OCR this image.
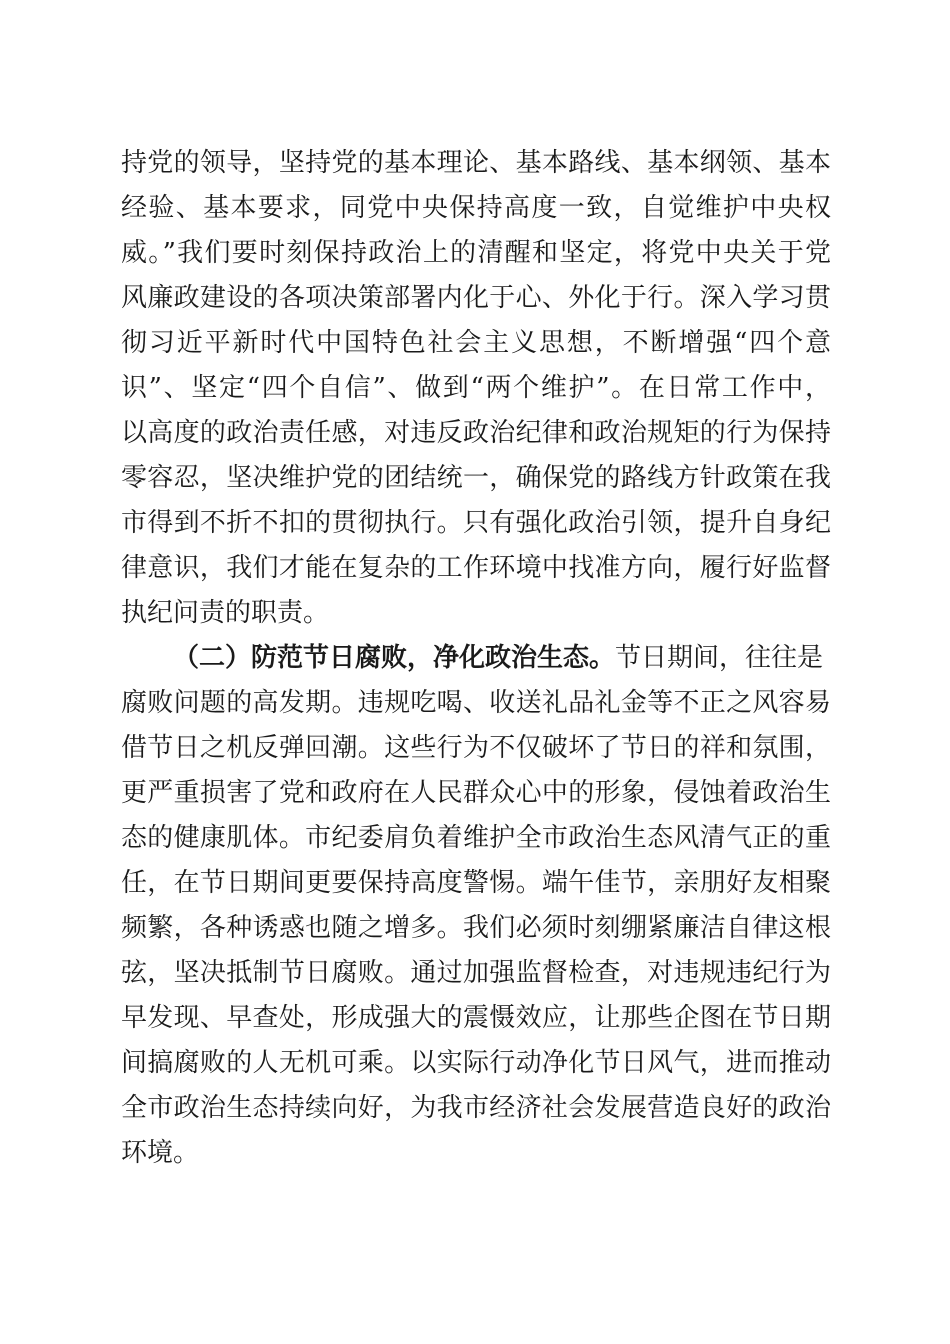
持党的领导，坚持党的基本理论、基本路线、基本纲领、基本
经验、基本要求，同党中央保持高度一致，自觉维护中央权
威。”我们要时刻保持政治上的清醒和坚定，将党中央关于党
风廉政建设的各项决策部署内化于心、外化于行。深入学习贯
彻习近平新时代中国特色社会主义思想，不断增强“四个意
识”、坚定“四个自信”、做到“两个维护”。在日常工作中，
以高度的政治责任感，对违反政治纪律和政治规矩的行为保持
零容忍，坚决维护党的团结统一，确保党的路线方针政策在我
市得到不折不扣的贯彻执行。只有强化政治引领，提升自身纪
律意识，我们才能在复杂的工作环境中找准方向，履行好监督
执纪问责的职责。
（二）防范节日腐败，净化政治生态。节日期间，往往是
腐败问题的高发期。违规吃喝、收送礼品礼金等不正之风容易
借节日之机反弹回潮。这些行为不仅破坏了节日的祥和氛围，
更严重损害了党和政府在人民群众心中的形象，侵蚀着政治生
态的健康肌体。市纪委肩负着维护全市政治生态风清气正的重
任，在节日期间更要保持高度警惕。端午佳节，亲朋好友相聚
频繁，各种诱惑也随之增多。我们必须时刻绷紧廉洁自律这根
弦，坚决抵制节日腐败。通过加强监督检查，对违规违纪行为
早发现、早查处，形成强大的震慑效应，让那些企图在节日期
间搞腐败的人无机可乘。以实际行动净化节日风气，进而推动
全市政治生态持续向好，为我市经济社会发展营造良好的政治
环境。
